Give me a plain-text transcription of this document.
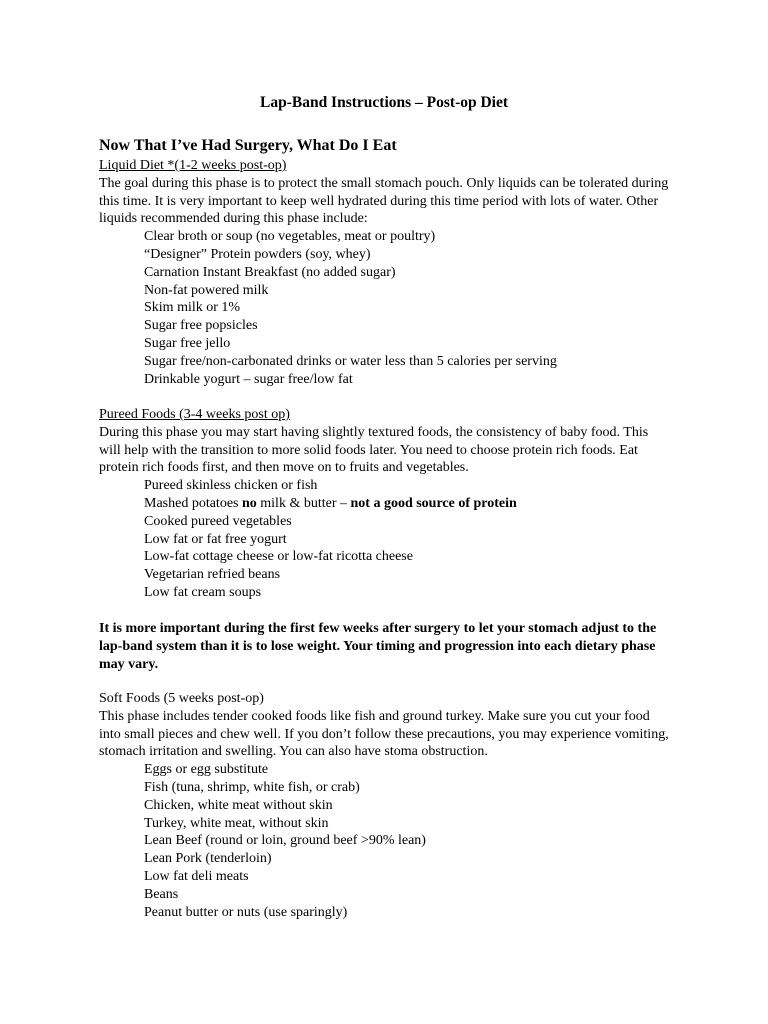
Lap-Band Instructions – Post-op Diet
Now That I’ve Had Surgery, What Do I Eat

Liquid Diet *(1-2 weeks post-op)

The goal during this phase is to protect the small stomach pouch. Only liquids can be tolerated during this time. It is very important to keep well hydrated during this time period with lots of water. Other liquids recommended during this phase include:

Clear broth or soup (no vegetables, meat or poultry)
“Designer” Protein powders (soy, whey)
Carnation Instant Breakfast (no added sugar)
Non-fat powered milk
Skim milk or 1%
Sugar free popsicles
Sugar free jello
Sugar free/non-carbonated drinks or water less than 5 calories per serving
Drinkable yogurt – sugar free/low fat

Pureed Foods (3-4 weeks post op)

During this phase you may start having slightly textured foods, the consistency of baby food. This will help with the transition to more solid foods later. You need to choose protein rich foods. Eat protein rich foods first, and then move on to fruits and vegetables.

Pureed skinless chicken or fish
Mashed potatoes no milk & butter – not a good source of protein
Cooked pureed vegetables
Low fat or fat free yogurt
Low-fat cottage cheese or low-fat ricotta cheese
Vegetarian refried beans
Low fat cream soups

It is more important during the first few weeks after surgery to let your stomach adjust to the lap-band system than it is to lose weight. Your timing and progression into each dietary phase may vary.

Soft Foods (5 weeks post-op)

This phase includes tender cooked foods like fish and ground turkey. Make sure you cut your food into small pieces and chew well. If you don’t follow these precautions, you may experience vomiting, stomach irritation and swelling. You can also have stoma obstruction.

Eggs or egg substitute
Fish (tuna, shrimp, white fish, or crab)
Chicken, white meat without skin
Turkey, white meat, without skin
Lean Beef (round or loin, ground beef >90% lean)
Lean Pork (tenderloin)
Low fat deli meats
Beans
Peanut butter or nuts (use sparingly)
